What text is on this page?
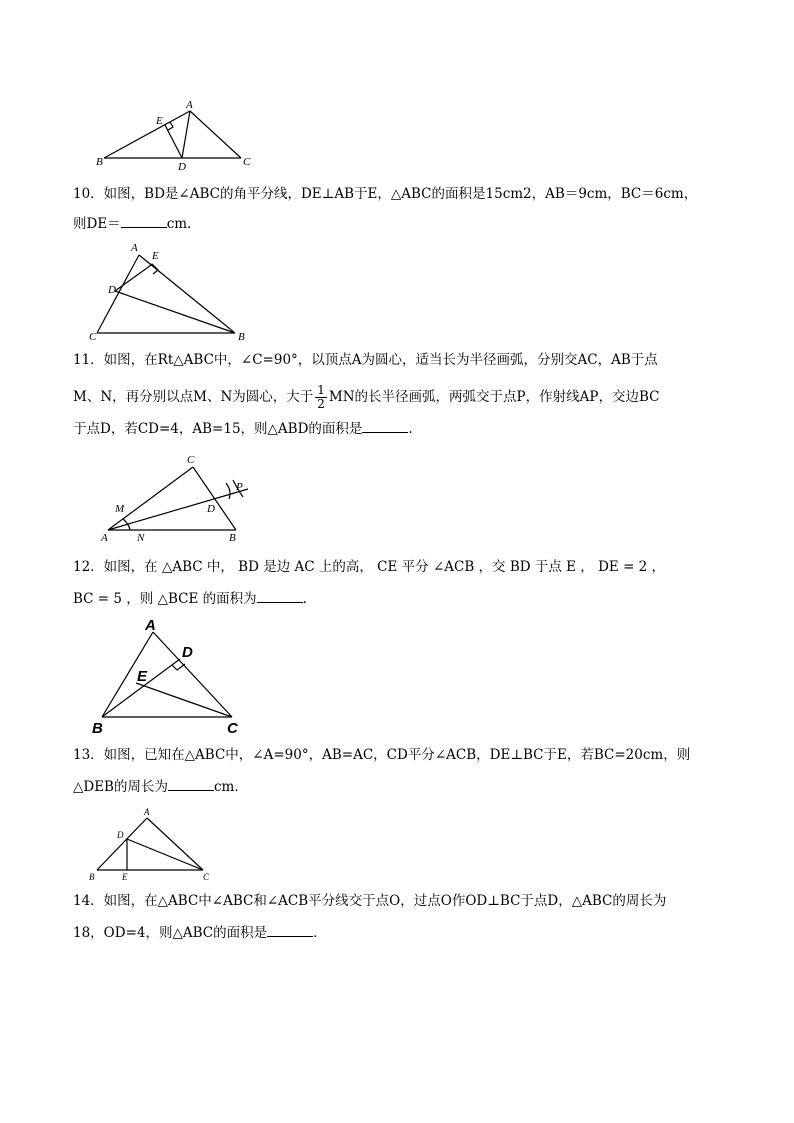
A
B	C
D
E
10．如图，BD是∠ABC的角平分线，DE⊥AB于E，△ABC的面积是15cm2，AB＝9cm，BC＝6cm，
则DE＝	cm．
A
E
D
C	B
11．如图，在Rt△ABC中，∠C=90°，以顶点A为圆心，适当长为半径画弧，分别交AC，AB于点
M、N，再分别以点M、N为圆心，大于 $\frac{1}{2}$ MN的长半径画弧，两弧交于点P，作射线AP，交边BC
于点D，若CD=4，AB=15，则△ABD的面积是	.
C
M
A	N
D
B
P
12．如图，在 △ABC 中， BD 是边 AC 上的高， CE 平分 ∠ACB ，交 BD 于点 E ， DE = 2 ，
BC = 5 ，则 △BCE 的面积为	.
A
D
E
B	C
13．如图，已知在△ABC中，∠A=90°，AB=AC，CD平分∠ACB，DE⊥BC于E，若BC=20cm，则
△DEB的周长为	cm．
A
D
B	E	C
14．如图，在△ABC中∠ABC和∠ACB平分线交于点O，过点O作OD⊥BC于点D，△ABC的周长为
18，OD=4，则△ABC的面积是	．
